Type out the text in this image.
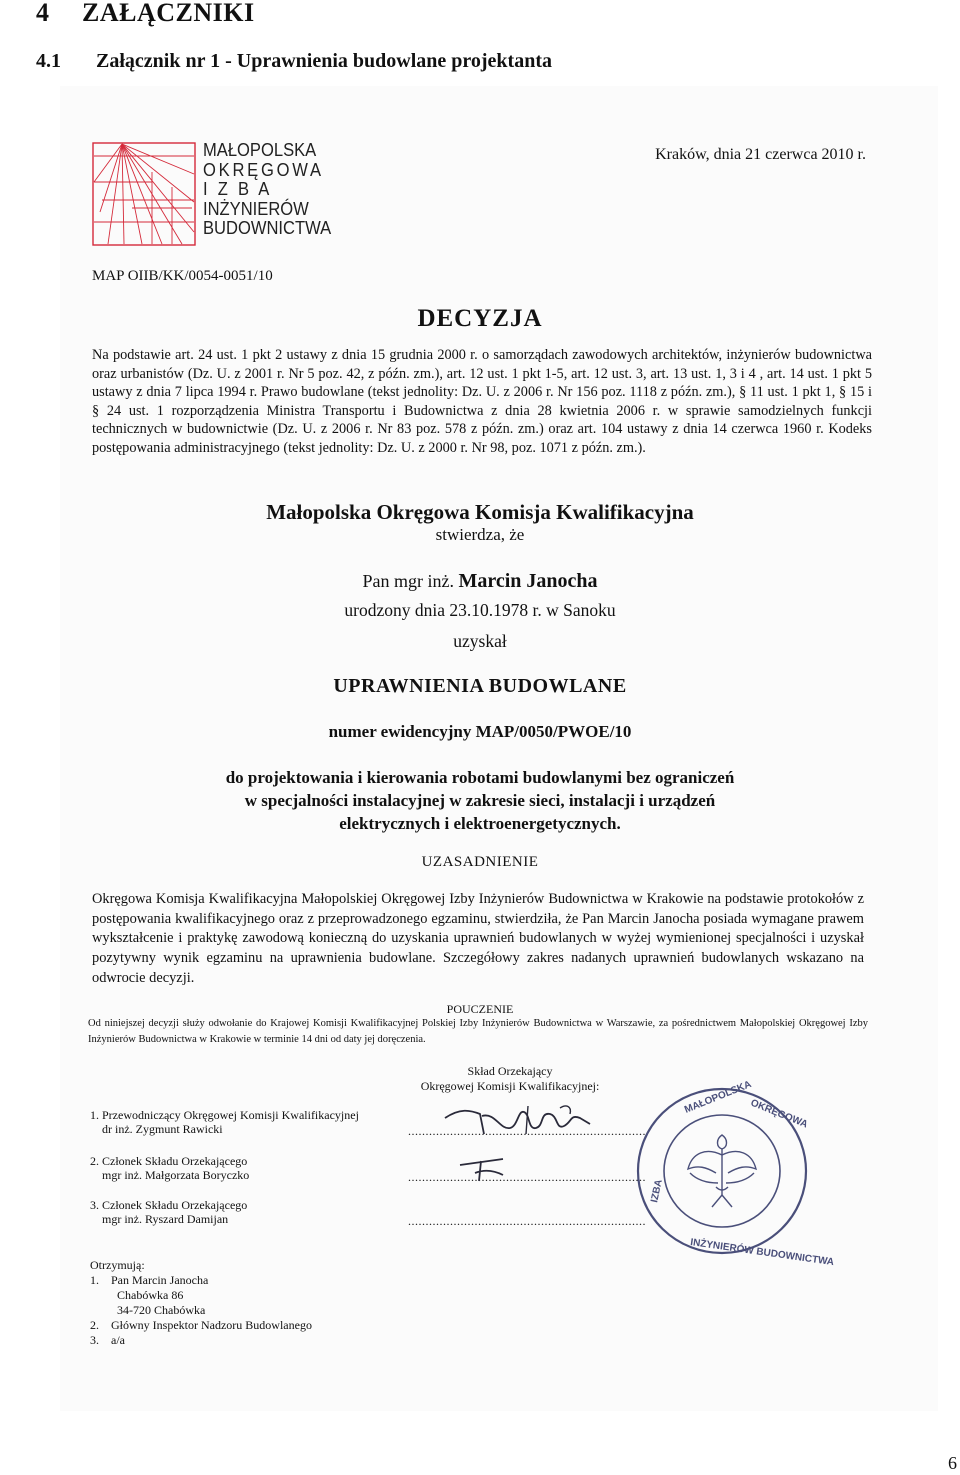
4 ZAŁĄCZNIKI
4.1 Załącznik nr 1 - Uprawnienia budowlane projektanta
MAŁOPOLSKA
OKRĘGOWA
I Z B A
INŻYNIERÓW
BUDOWNICTWA
Kraków, dnia 21 czerwca 2010 r.
MAP OIIB/KK/0054-0051/10
DECYZJA

Na podstawie art. 24 ust. 1 pkt 2 ustawy z dnia 15 grudnia 2000 r. o samorządach zawodowych architektów, inżynierów budownictwa oraz urbanistów (Dz. U. z 2001 r. Nr 5 poz. 42, z późn. zm.), art. 12 ust. 1 pkt 1-5, art. 12 ust. 3, art. 13 ust. 1, 3 i 4 , art. 14 ust. 1 pkt 5 ustawy z dnia 7 lipca 1994 r. Prawo budowlane (tekst jednolity: Dz. U. z 2006 r. Nr 156 poz. 1118 z późn. zm.), § 11 ust. 1 pkt 1, § 15 i § 24 ust. 1 rozporządzenia Ministra Transportu i Budownictwa z dnia 28 kwietnia 2006 r. w sprawie samodzielnych funkcji technicznych w budownictwie (Dz. U. z 2006 r. Nr 83 poz. 578 z późn. zm.) oraz art. 104 ustawy z dnia 14 czerwca 1960 r. Kodeks postępowania administracyjnego (tekst jednolity: Dz. U. z 2000 r. Nr 98, poz. 1071 z późn. zm.).

Małopolska Okręgowa Komisja Kwalifikacyjna
stwierdza, że
Pan mgr inż. Marcin Janocha
urodzony dnia 23.10.1978 r. w Sanoku
uzyskał
UPRAWNIENIA BUDOWLANE
numer ewidencyjny MAP/0050/PWOE/10
do projektowania i kierowania robotami budowlanymi bez ograniczeń
w specjalności instalacyjnej w zakresie sieci, instalacji i urządzeń
elektrycznych i elektroenergetycznych.
UZASADNIENIE
Okręgowa Komisja Kwalifikacyjna Małopolskiej Okręgowej Izby Inżynierów Budownictwa w Krakowie na podstawie protokołów z postępowania kwalifikacyjnego oraz z przeprowadzonego egzaminu, stwierdziła, że Pan Marcin Janocha posiada wymagane prawem wykształcenie i praktykę zawodową konieczną do uzyskania uprawnień budowlanych w wyżej wymienionej specjalności i uzyskał pozytywny wynik egzaminu na uprawnienia budowlane. Szczegółowy zakres nadanych uprawnień budowlanych wskazano na odwrocie decyzji.
POUCZENIE
Od niniejszej decyzji służy odwołanie do Krajowej Komisji Kwalifikacyjnej Polskiej Izby Inżynierów Budownictwa w Warszawie, za pośrednictwem Małopolskiej Okręgowej Izby Inżynierów Budownictwa w Krakowie w terminie 14 dni od daty jej doręczenia.
Skład Orzekający
Okręgowej Komisji Kwalifikacyjnej:
1. Przewodniczący Okręgowej Komisji Kwalifikacyjnej
dr inż. Zygmunt Rawicki
2. Członek Składu Orzekającego
mgr inż. Małgorzata Boryczko
3. Członek Składu Orzekającego
mgr inż. Ryszard Damijan
....................................................................
....................................................................
....................................................................
MAŁOPOLSKA
OKRĘGOWA
IZBA
INŻYNIERÓW BUDOWNICTWA
Otrzymują:
1.    Pan Marcin Janocha
Chabówka 86
34-720 Chabówka
2.    Główny Inspektor Nadzoru Budowlanego
3.    a/a
6
